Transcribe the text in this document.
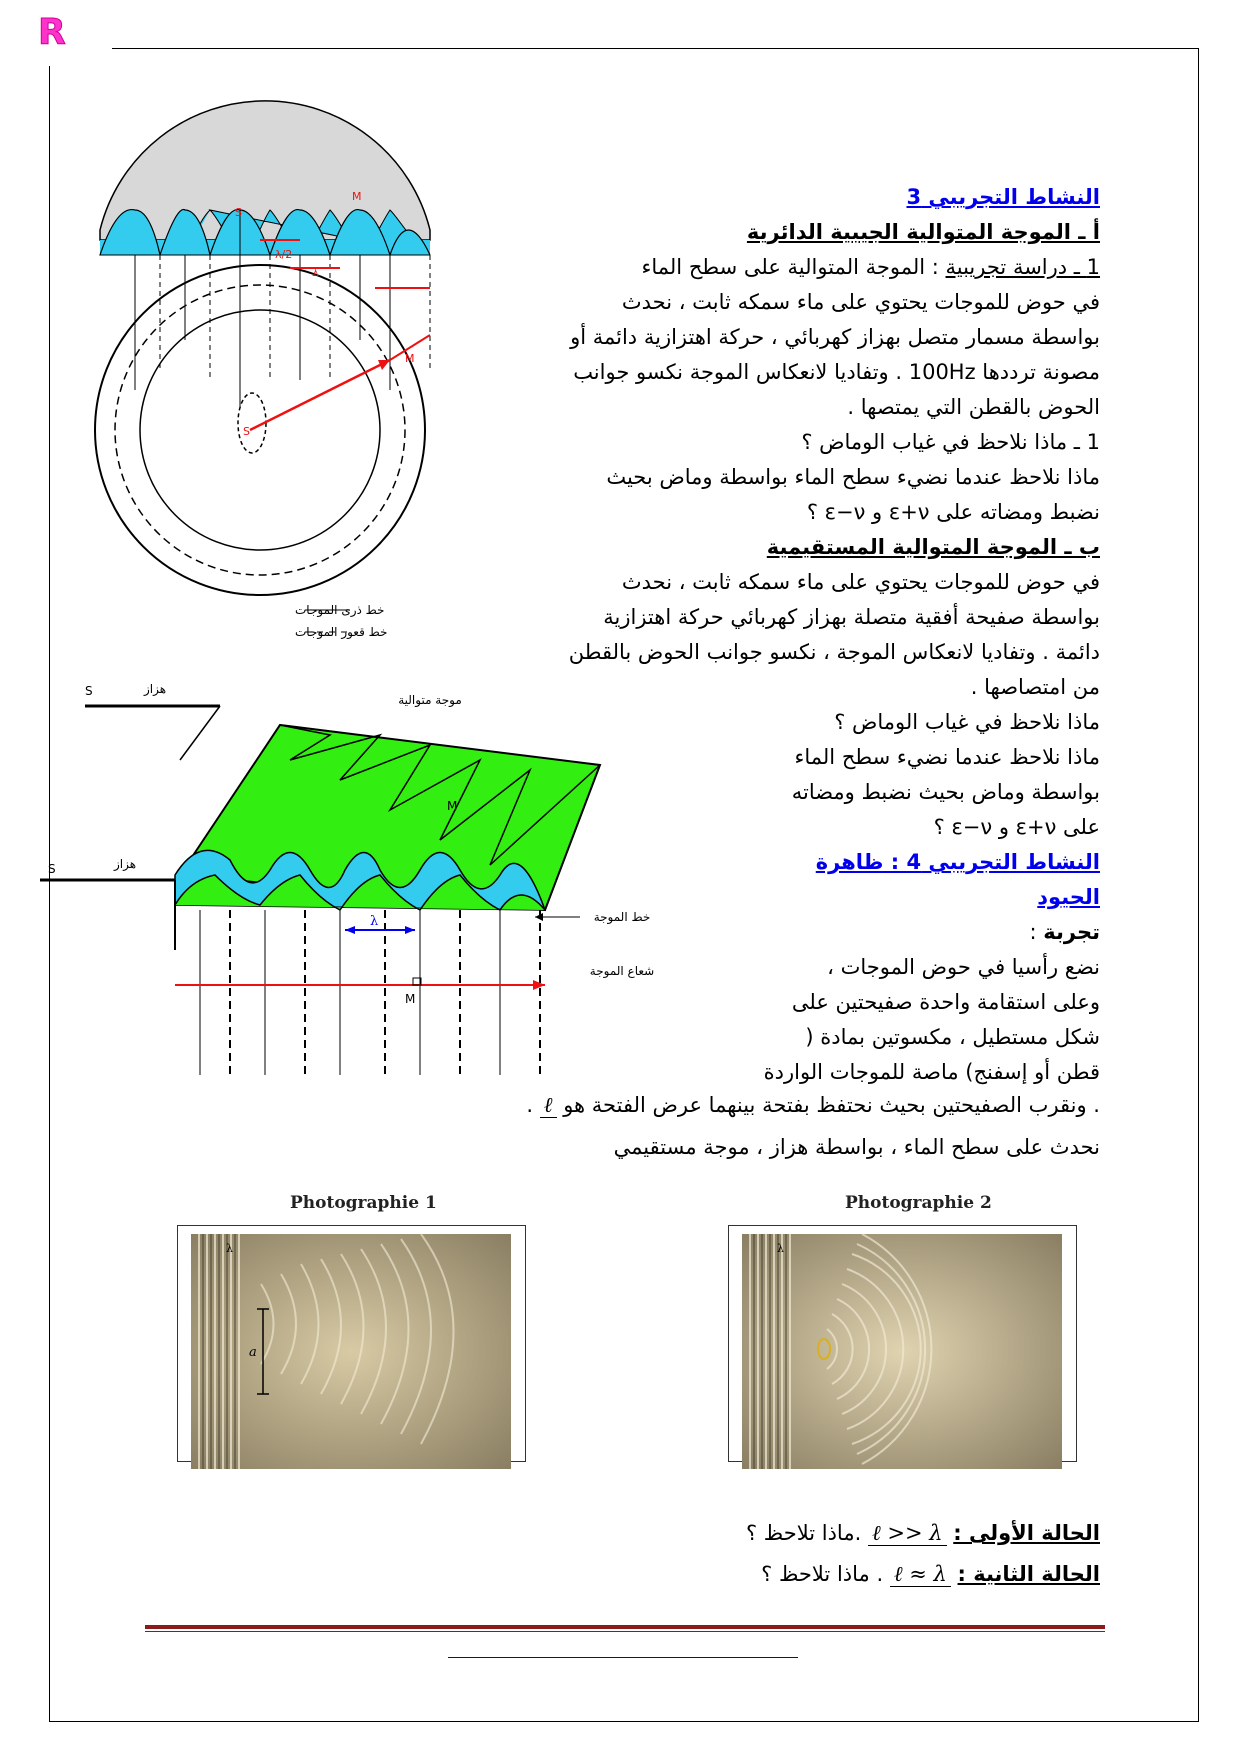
R
S
M
λ/2
λ
S
M
خط ذرى الموجات
خط قعور الموجات
λ
موجة متوالية
هزاز
S
هزاز
S
M
M
خط الموجة
شعاع الموجة
النشاط التجريبي 3
أ ـ الموجة المتوالية الجيبية الدائرية
1 ـ دراسة تجريبية : الموجة المتوالية على سطح الماء
في حوض للموجات يحتوي على ماء سمكه ثابت ، نحدث
بواسطة مسمار متصل بهزاز كهربائي ، حركة اهتزازية دائمة أو
مصونة ترددها 100Hz . وتفاديا لانعكاس الموجة نكسو جوانب
الحوض بالقطن التي يمتصها .
1 ـ ماذا نلاحظ في غياب الوماض ؟
ماذا نلاحظ عندما نضيء سطح الماء بواسطة وماض بحيث
نضبط ومضاته على ε+ν و ε−ν ؟
ب ـ الموجة المتوالية المستقيمية
في حوض للموجات يحتوي على ماء سمكه ثابت ، نحدث
بواسطة صفيحة أفقية متصلة بهزاز كهربائي حركة اهتزازية
دائمة . وتفاديا لانعكاس الموجة ، نكسو جوانب الحوض بالقطن
من امتصاصها .
ماذا نلاحظ في غياب الوماض ؟
ماذا نلاحظ عندما نضيء سطح الماء
بواسطة وماض بحيث نضبط ومضاته
على ε+ν و ε−ν ؟
النشاط التجريبي 4 : ظاهرة
الحيود
تجربة :
نضع رأسيا في حوض الموجات ،
وعلى استقامة واحدة صفيحتين على
شكل مستطيل ، مكسوتين بمادة (
قطن أو إسفنج) ماصة للموجات الواردة
. ونقرب الصفيحتين بحيث نحتفظ بفتحة بينهما عرض الفتحة هو ℓ .
نحدث على سطح الماء ، بواسطة هزاز ، موجة مستقيمي
Photographie 1	Photographie 2
a
λ	λ
الحالة الأولى : ℓ >> λ .ماذا تلاحظ ؟
الحالة الثانية : ℓ ≈ λ . ماذا تلاحظ ؟
